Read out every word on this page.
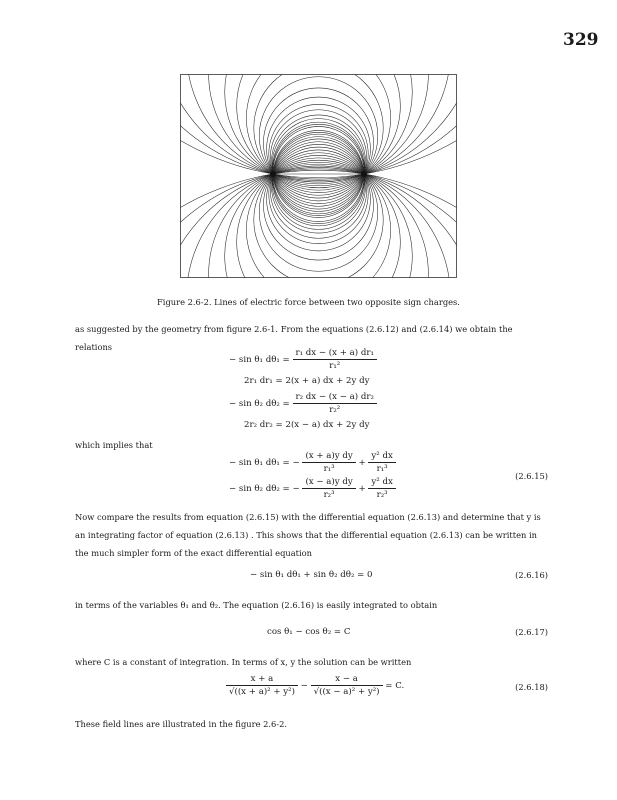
329
Figure 2.6-2. Lines of electric force between two opposite sign charges.
as suggested by the geometry from figure 2.6-1. From the equations (2.6.12) and (2.6.14) we obtain the relations
− sin θ₁ $d\theta_1 = \frac{\text{r₁ dx − (x + a) dr₁}}{\text{r₁²}}$
2r₁ dr₁ = 2(x + a) dx + 2y dy
− sin θ₂ $d\theta_2 = \frac{\text{r₂ dx − (x − a) dr₂}}{\text{r₂²}}$
2r₂ dr₂ = 2(x − a) dx + 2y dy
which implies that
− sin θ₁ dθ₁ = − $\frac{\text{(x + a)y dy}}{\text{r₁³}} + \frac{\text{y² dx}}{\text{r₁³}}$
− sin θ₂ dθ₂ = − $\frac{\text{(x − a)y dy}}{\text{r₂³}} + \frac{\text{y² dx}}{\text{r₂³}}$
(2.6.15)
Now compare the results from equation (2.6.15) with the differential equation (2.6.13) and determine that y is an integrating factor of equation (2.6.13) . This shows that the differential equation (2.6.13) can be written in the much simpler form of the exact differential equation
− sin θ₁ dθ₁ + sin θ₂ dθ₂ = 0	(2.6.16)
in terms of the variables θ₁ and θ₂. The equation (2.6.16) is easily integrated to obtain
cos θ₁ − cos θ₂ = C	(2.6.17)
where C is a constant of integration. In terms of x, y the solution can be written
$\frac{x + a}{\text{√((x + a)² + y²)}} - \frac{x - a}{\text{√((x − a)² + y²)}} = C$.	(2.6.18)
These field lines are illustrated in the figure 2.6-2.
